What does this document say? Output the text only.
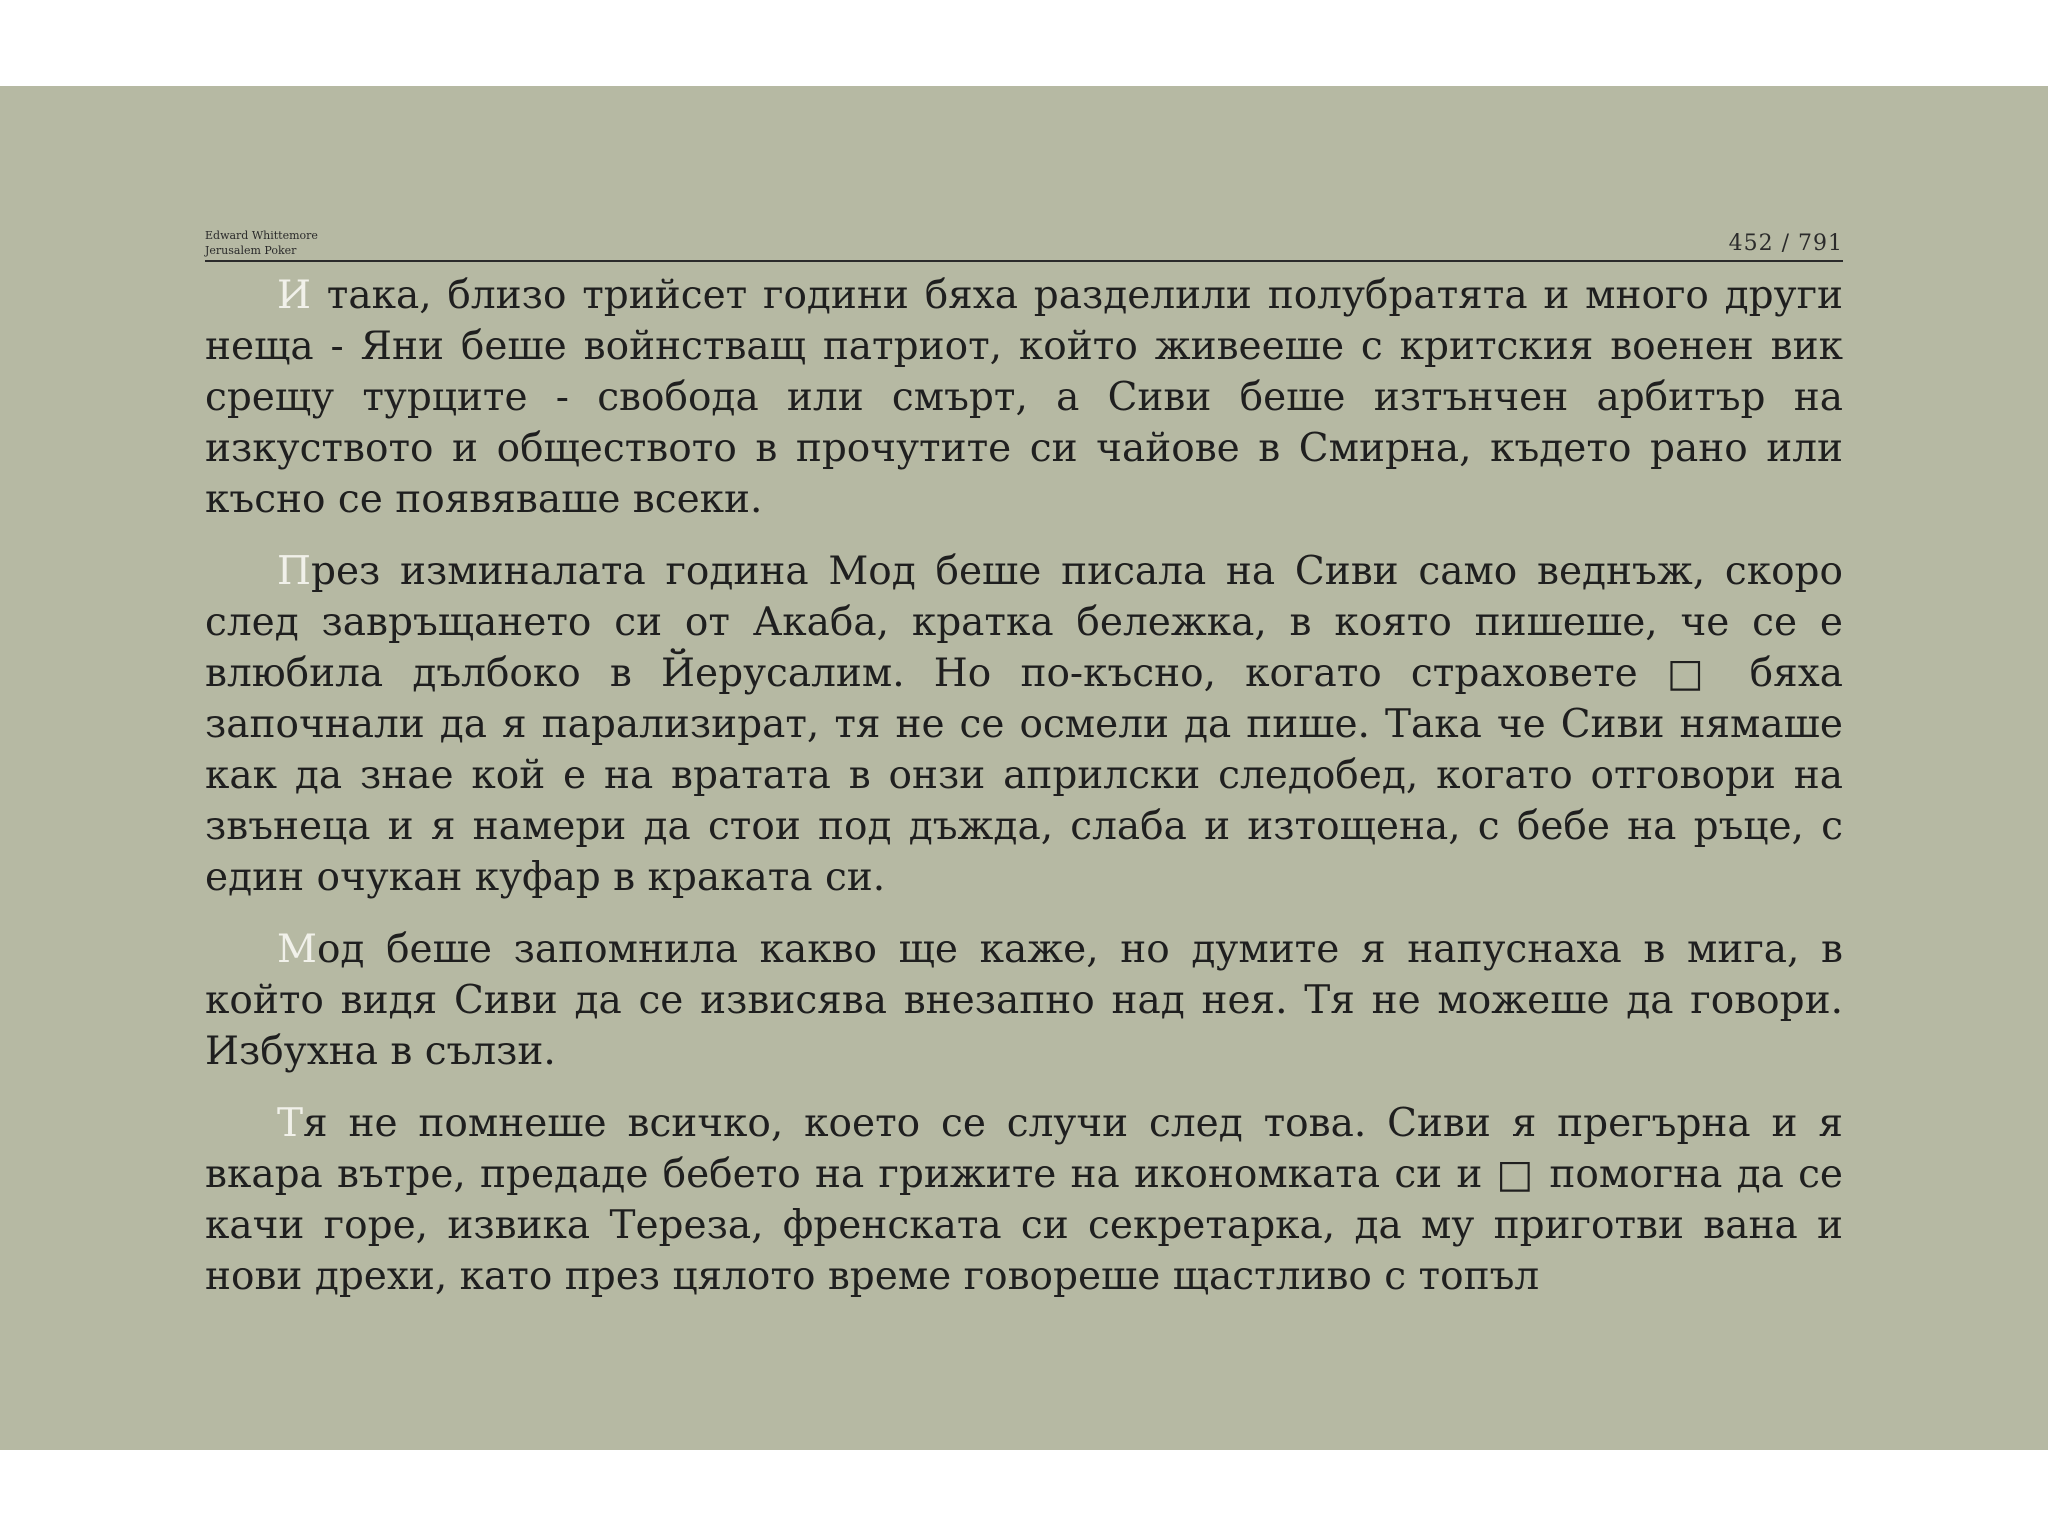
Edward Whittemore
Jerusalem Poker	452 / 791

И така, близо трийсет години бяха разделили полубратята и много други неща - Яни беше войнстващ патриот, който живееше с критския военен вик срещу турците - свобода или смърт, а Сиви беше изтънчен арбитър на изкуството и обществото в прочутите си чайове в Смирна, където рано или късно се появяваше всеки.

През изминалата година Мод беше писала на Сиви само веднъж, скоро след завръщането си от Акаба, кратка бележка, в която пишеше, че се е влюбила дълбоко в Йерусалим. Но по-късно, когато страховете □ бяха започнали да я парализират, тя не се осмели да пише. Така че Сиви нямаше как да знае кой е на вратата в онзи априлски следобед, когато отговори на звънеца и я намери да стои под дъжда, слаба и изтощена, с бебе на ръце, с един очукан куфар в краката си.

Мод беше запомнила какво ще каже, но думите я напуснаха в мига, в който видя Сиви да се извисява внезапно над нея. Тя не можеше да говори. Избухна в сълзи.

Тя не помнеше всичко, което се случи след това. Сиви я прегърна и я вкара вътре, предаде бебето на грижите на икономката си и □ помогна да се качи горе, извика Тереза, френската си секретарка, да му приготви вана и нови дрехи, като през цялото време говореше щастливо с топъл
